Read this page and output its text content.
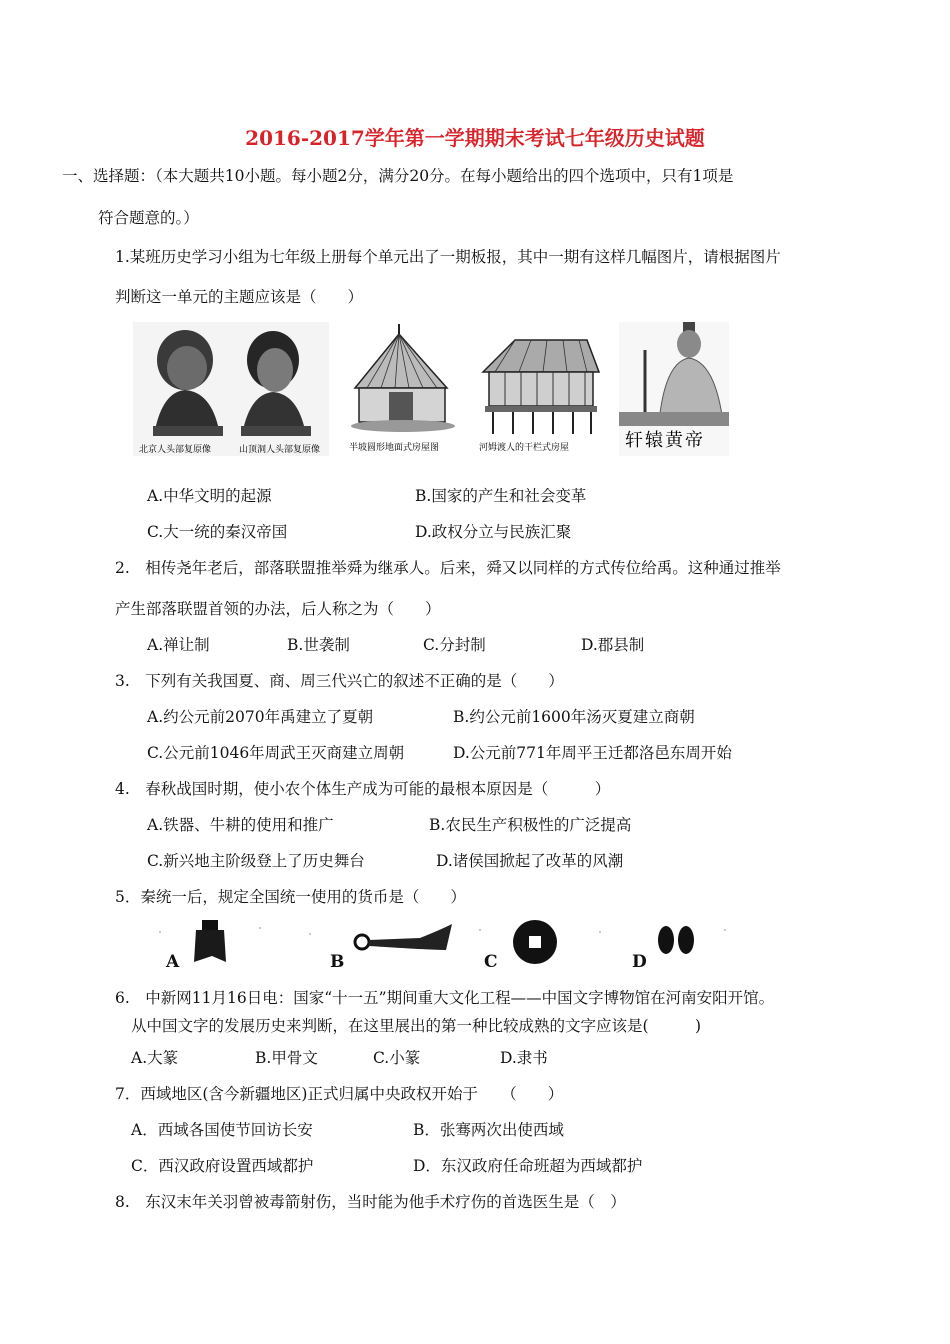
2016-2017学年第一学期期末考试七年级历史试题
一、选择题：（本大题共10小题。每小题2分，满分20分。在每小题给出的四个选项中，只有1项是
符合题意的。）
1.某班历史学习小组为七年级上册每个单元出了一期板报，其中一期有这样几幅图片，请根据图片
判断这一单元的主题应该是（　　）
北京人头部复原像	山顶洞人头部复原像	半坡圆形地面式房屋图	河姆渡人的干栏式房屋	轩辕黄帝
A.中华文明的起源	B.国家的产生和社会变革
C.大一统的秦汉帝国	D.政权分立与民族汇聚
2.　相传尧年老后，部落联盟推举舜为继承人。后来，舜又以同样的方式传位给禹。这种通过推举
产生部落联盟首领的办法，后人称之为（　　）
A.禅让制	B.世袭制	C.分封制	D.郡县制
3.　下列有关我国夏、商、周三代兴亡的叙述不正确的是（　　）
A.约公元前2070年禹建立了夏朝	B.约公元前1600年汤灭夏建立商朝
C.公元前1046年周武王灭商建立周朝	D.公元前771年周平王迁都洛邑东周开始
4.　春秋战国时期，使小农个体生产成为可能的最根本原因是（　　　）
A.铁器、牛耕的使用和推广	B.农民生产积极性的广泛提高
C.新兴地主阶级登上了历史舞台	D.诸侯国掀起了改革的风潮
5．秦统一后，规定全国统一使用的货币是（　　）
A	B	C	D
6.　中新网11月16日电：国家“十一五”期间重大文化工程——中国文字博物馆在河南安阳开馆。
从中国文字的发展历史来判断，在这里展出的第一种比较成熟的文字应该是(　　　)
A.大篆	B.甲骨文	C.小篆	D.隶书
7．西域地区(含今新疆地区)正式归属中央政权开始于　　（　　）
A．西域各国使节回访长安	B．张骞两次出使西域
C．西汉政府设置西域都护	D．东汉政府任命班超为西域都护
8.　东汉末年关羽曾被毒箭射伤，当时能为他手术疗伤的首选医生是（　）
